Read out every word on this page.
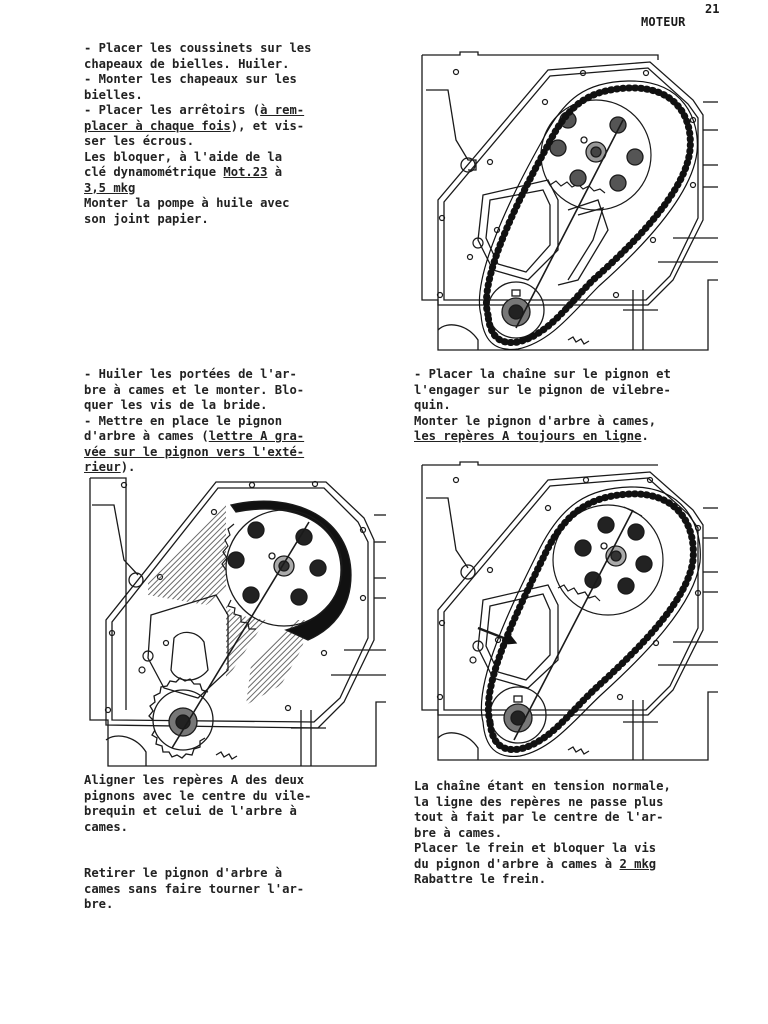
21
MOTEUR

- Placer les coussinets sur les

chapeaux de bielles. Huiler.

- Monter les chapeaux sur les

bielles.

- Placer les arrêtoirs (à rem-

placer à chaque fois), et vis-

ser les écrous.

Les bloquer, à l'aide de la

clé dynamométrique Mot.23 à

3,5 mkg

Monter la pompe à huile avec

son joint papier.

- Huiler les portées de l'ar-

bre à cames et le monter. Blo-

quer les vis de la bride.

- Mettre en place le pignon

d'arbre à cames (lettre A gra-

vée sur le pignon vers l'exté-

rieur).

- Placer la chaîne sur le pignon et

l'engager sur le pignon de vilebre-

quin.

Monter le pignon d'arbre à cames,

les repères A toujours en ligne.

Aligner les repères A des deux

pignons avec le centre du vile-

brequin et celui de l'arbre à

cames.

Retirer le pignon d'arbre à

cames sans faire tourner l'ar-

bre.

La chaîne étant en tension normale,

la ligne des repères ne passe plus

tout à fait par le centre de l'ar-

bre à cames.

Placer le frein et bloquer la vis

du pignon d'arbre à cames à 2 mkg

Rabattre le frein.
